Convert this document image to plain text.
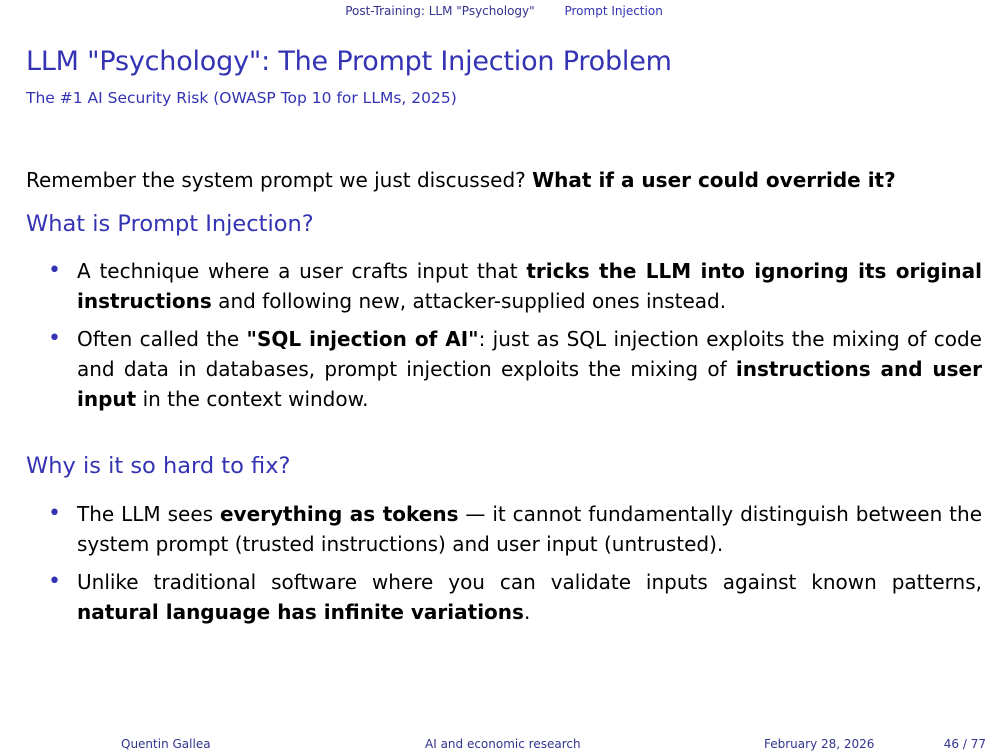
Post-Training: LLM "Psychology" Prompt Injection
LLM "Psychology": The Prompt Injection Problem
The #1 AI Security Risk (OWASP Top 10 for LLMs, 2025)
Remember the system prompt we just discussed? What if a user could override it?
What is Prompt Injection?
• A technique where a user crafts input that tricks the LLM into ignoring its original instructions and following new, attacker-supplied ones instead.
• Often called the "SQL injection of AI": just as SQL injection exploits the mixing of code and data in databases, prompt injection exploits the mixing of instructions and user input in the context window.
Why is it so hard to fix?
• The LLM sees everything as tokens — it cannot fundamentally distinguish between the system prompt (trusted instructions) and user input (untrusted).
• Unlike traditional software where you can validate inputs against known patterns, natural language has infinite variations.
Quentin Gallea	AI and economic research	February 28, 2026	46 / 77
